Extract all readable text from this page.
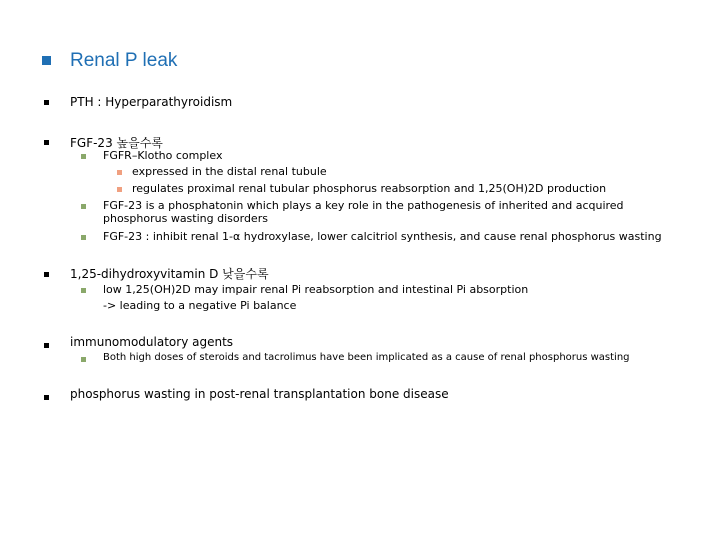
Renal P leak
PTH : Hyperparathyroidism
FGF-23 높을수록
FGFR–Klotho complex
expressed in the distal renal tubule
regulates proximal renal tubular phosphorus reabsorption and 1,25(OH)2D production
FGF-23 is a phosphatonin which plays a key role in the pathogenesis of inherited and acquired
phosphorus wasting disorders
FGF-23 : inhibit renal 1-α hydroxylase, lower calcitriol synthesis, and cause renal phosphorus wasting
1,25-dihydroxyvitamin D 낮을수록
low 1,25(OH)2D may impair renal Pi reabsorption and intestinal Pi absorption
-> leading to a negative Pi balance
immunomodulatory agents
Both high doses of steroids and tacrolimus have been implicated as a cause of renal phosphorus wasting
phosphorus wasting in post-renal transplantation bone disease
